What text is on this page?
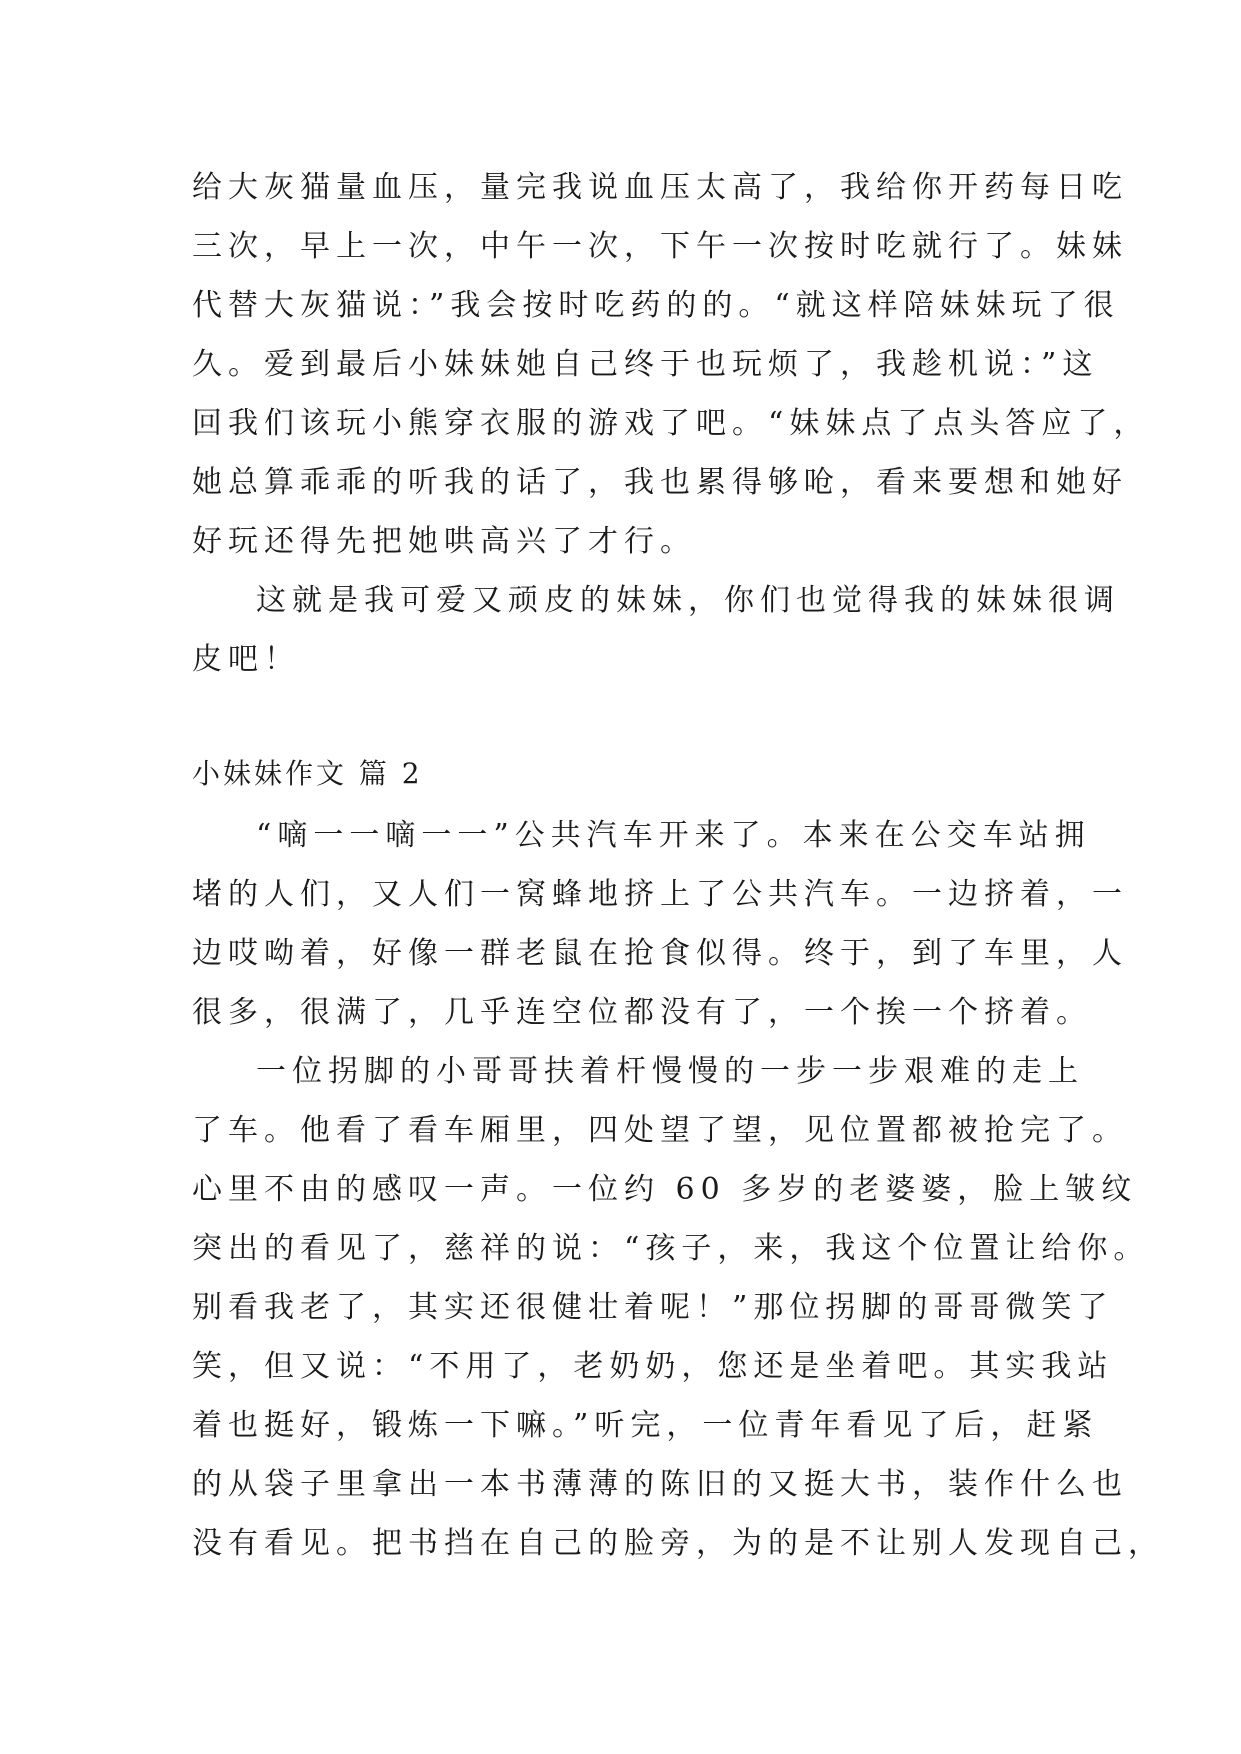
给大灰猫量血压，量完我说血压太高了，我给你开药每日吃

三次，早上一次，中午一次，下午一次按时吃就行了。妹妹

代替大灰猫说：”我会按时吃药的的。“就这样陪妹妹玩了很

久。爱到最后小妹妹她自己终于也玩烦了，我趁机说：”这

回我们该玩小熊穿衣服的游戏了吧。“妹妹点了点头答应了，

她总算乖乖的听我的话了，我也累得够呛，看来要想和她好

好玩还得先把她哄高兴了才行。

这就是我可爱又顽皮的妹妹，你们也觉得我的妹妹很调

皮吧！

小妹妹作文 篇 2

“嘀一一嘀一一”公共汽车开来了。本来在公交车站拥

堵的人们，又人们一窝蜂地挤上了公共汽车。一边挤着，一

边哎呦着，好像一群老鼠在抢食似得。终于，到了车里，人

很多，很满了，几乎连空位都没有了，一个挨一个挤着。

一位拐脚的小哥哥扶着杆慢慢的一步一步艰难的走上

了车。他看了看车厢里，四处望了望，见位置都被抢完了。

心里不由的感叹一声。一位约 60 多岁的老婆婆，脸上皱纹

突出的看见了，慈祥的说：“孩子，来，我这个位置让给你。

别看我老了，其实还很健壮着呢！”那位拐脚的哥哥微笑了

笑，但又说：“不用了，老奶奶，您还是坐着吧。其实我站

着也挺好，锻炼一下嘛。”听完，一位青年看见了后，赶紧

的从袋子里拿出一本书薄薄的陈旧的又挺大书，装作什么也

没有看见。把书挡在自己的脸旁，为的是不让别人发现自己，
